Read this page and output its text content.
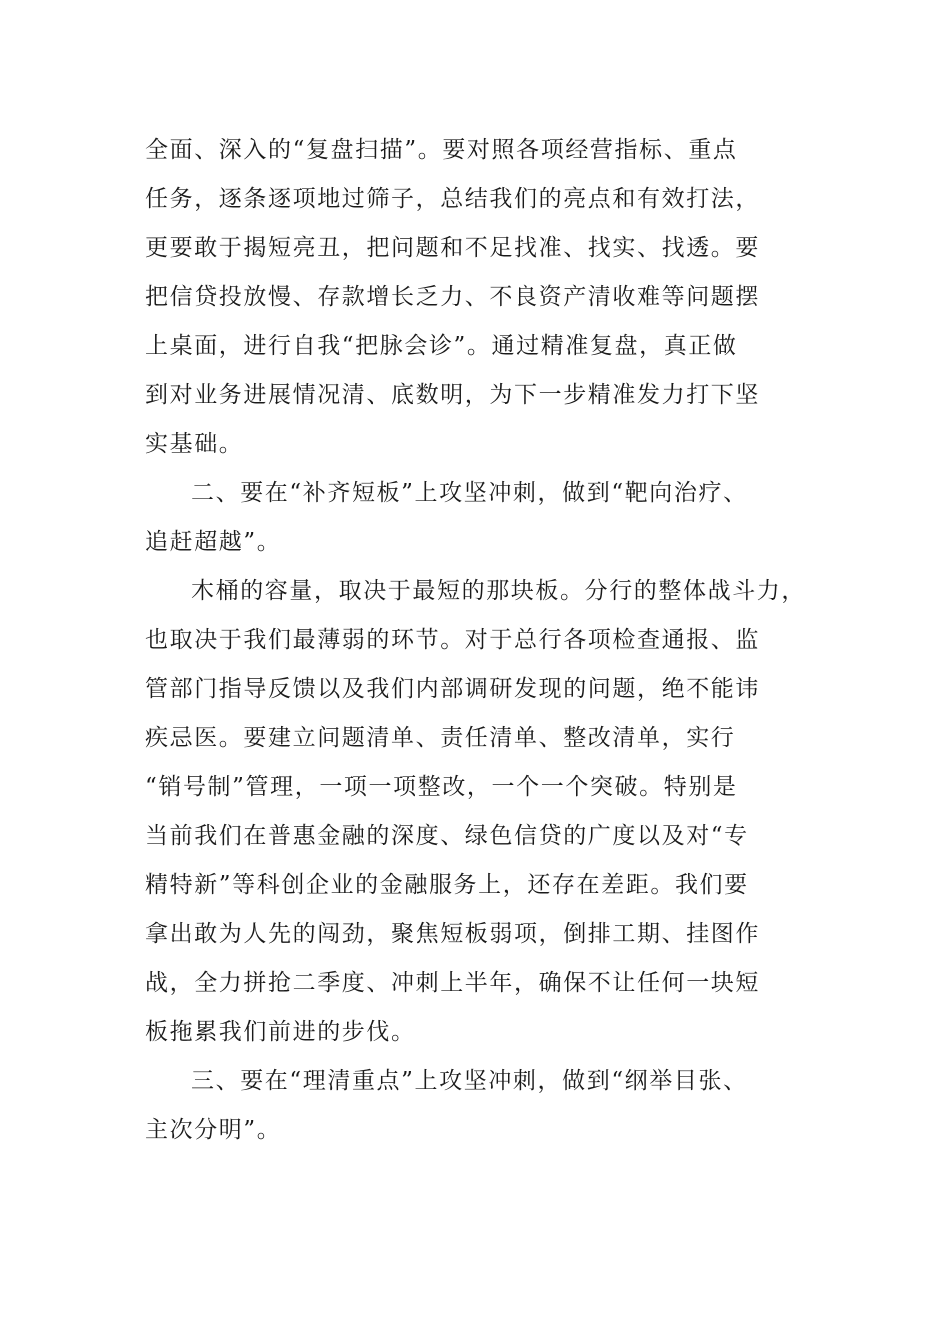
全面、深入的“复盘扫描”。要对照各项经营指标、重点
任务，逐条逐项地过筛子，总结我们的亮点和有效打法，
更要敢于揭短亮丑，把问题和不足找准、找实、找透。要
把信贷投放慢、存款增长乏力、不良资产清收难等问题摆
上桌面，进行自我“把脉会诊”。通过精准复盘，真正做
到对业务进展情况清、底数明，为下一步精准发力打下坚
实基础。
二、要在“补齐短板”上攻坚冲刺，做到“靶向治疗、
追赶超越”。
木桶的容量，取决于最短的那块板。分行的整体战斗力，
也取决于我们最薄弱的环节。对于总行各项检查通报、监
管部门指导反馈以及我们内部调研发现的问题，绝不能讳
疾忌医。要建立问题清单、责任清单、整改清单，实行
“销号制”管理，一项一项整改，一个一个突破。特别是
当前我们在普惠金融的深度、绿色信贷的广度以及对“专
精特新”等科创企业的金融服务上，还存在差距。我们要
拿出敢为人先的闯劲，聚焦短板弱项，倒排工期、挂图作
战，全力拼抢二季度、冲刺上半年，确保不让任何一块短
板拖累我们前进的步伐。
三、要在“理清重点”上攻坚冲刺，做到“纲举目张、
主次分明”。
